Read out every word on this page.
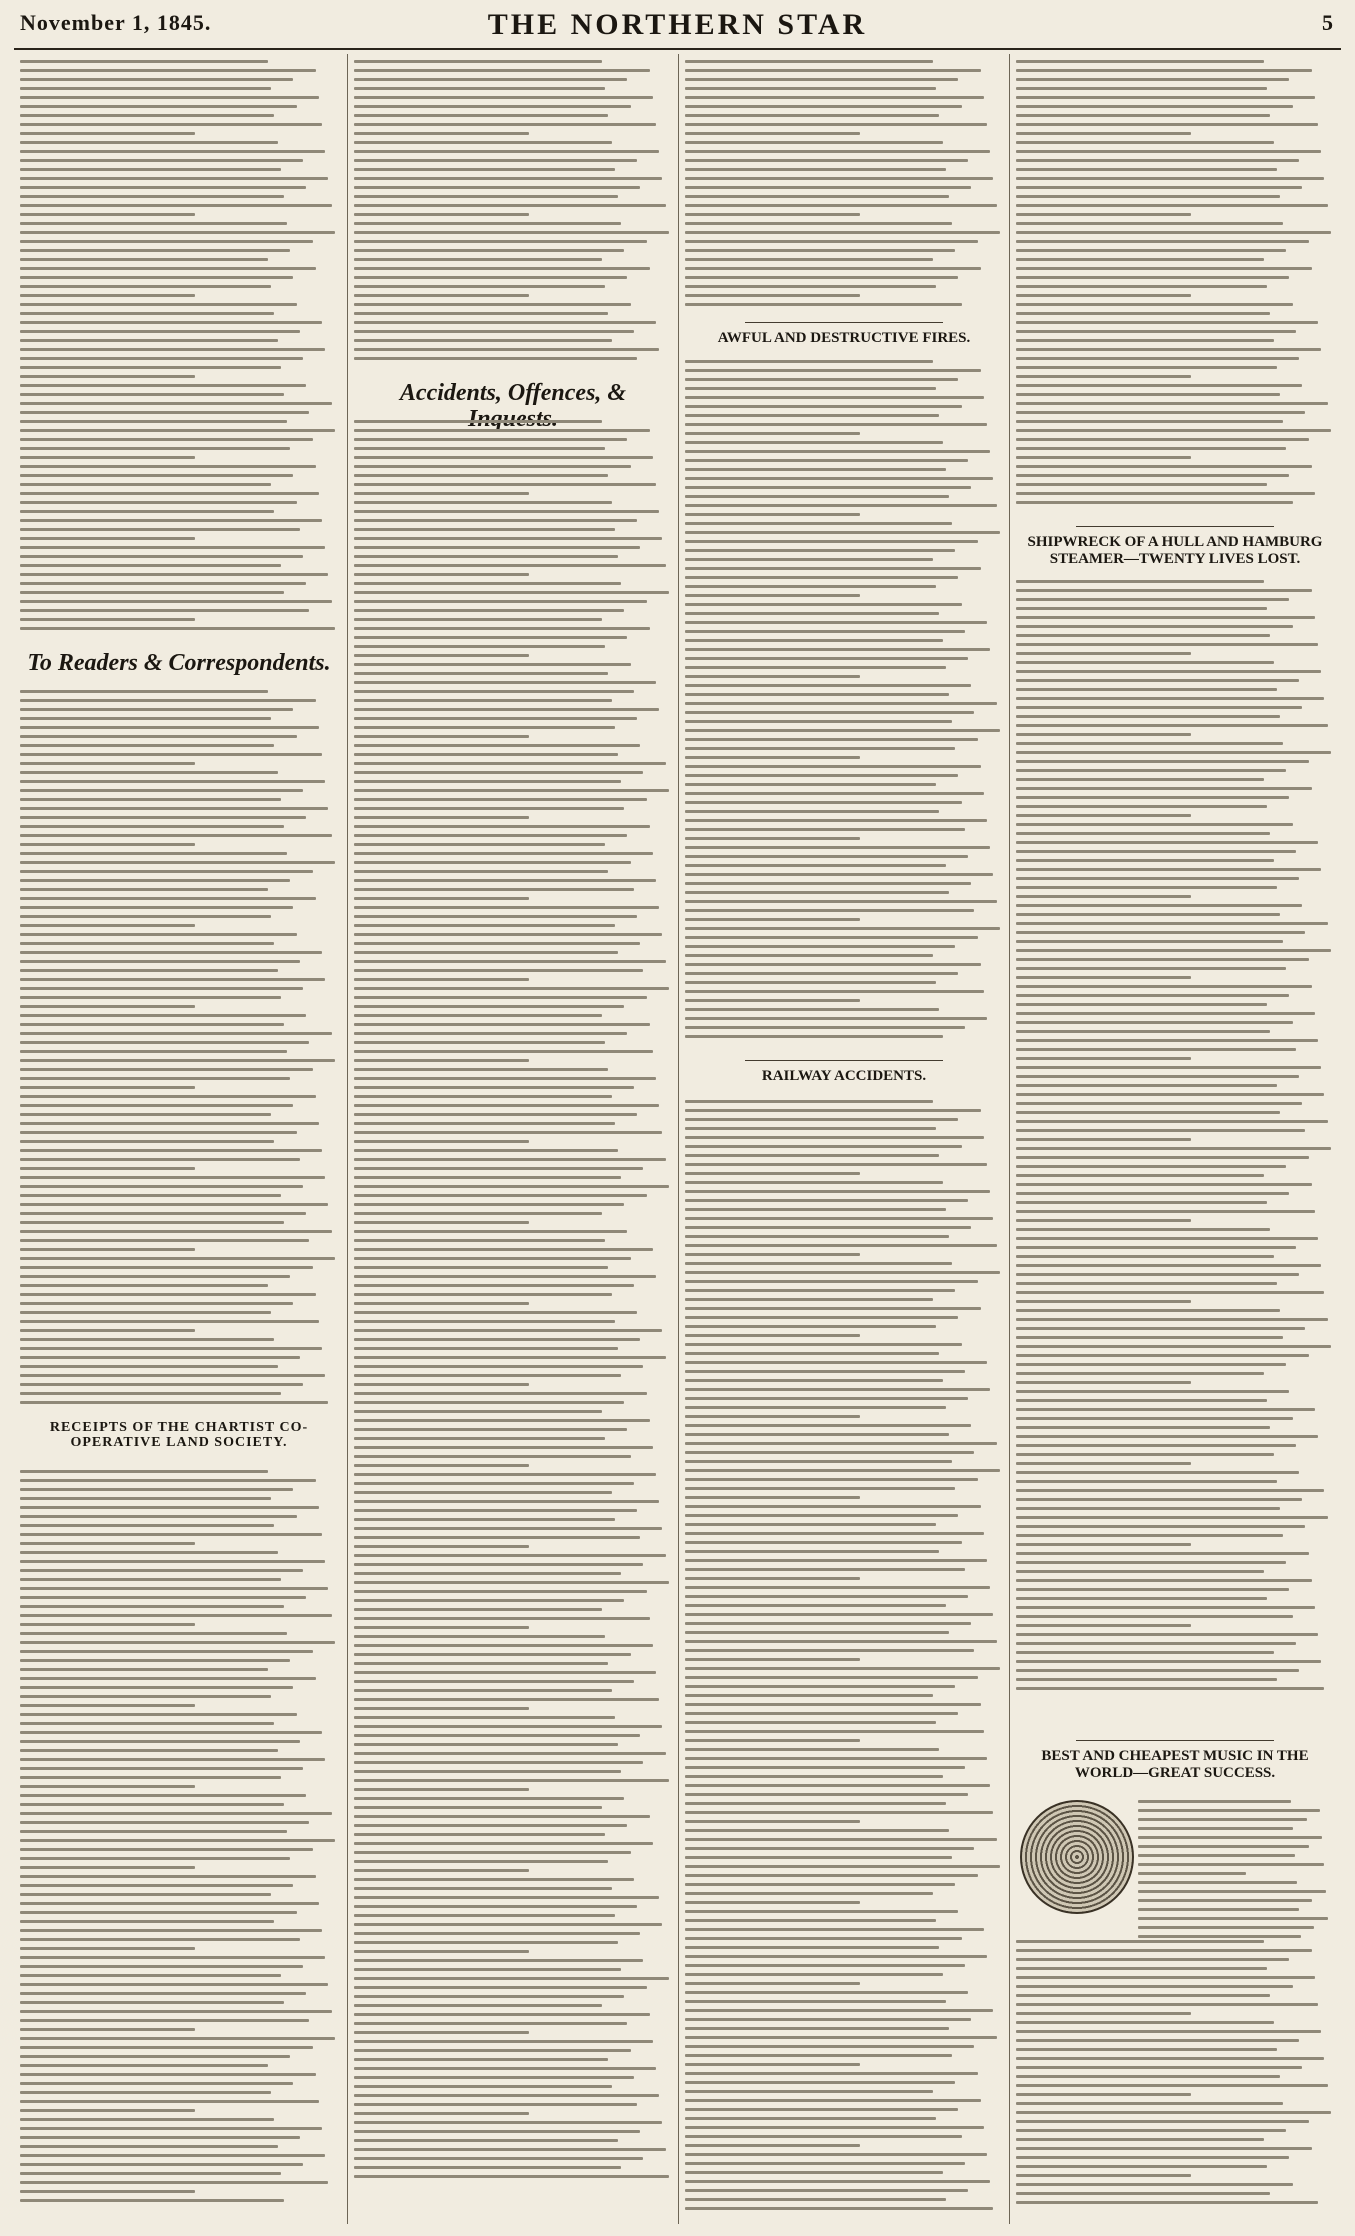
November 1, 1845.	THE NORTHERN STAR	5
To Readers & Correspondents.
RECEIPTS OF THE CHARTIST CO-OPERATIVE LAND SOCIETY.
Accidents, Offences, &
AWFUL AND DESTRUCTIVE FIRES.
RAILWAY ACCIDENTS.
SHIPWRECK OF A HULL AND HAMBURG STEAMER—TWENTY LIVES LOST.
BEST AND CHEAPEST MUSIC IN THE WORLD—GREAT SUCCESS.
